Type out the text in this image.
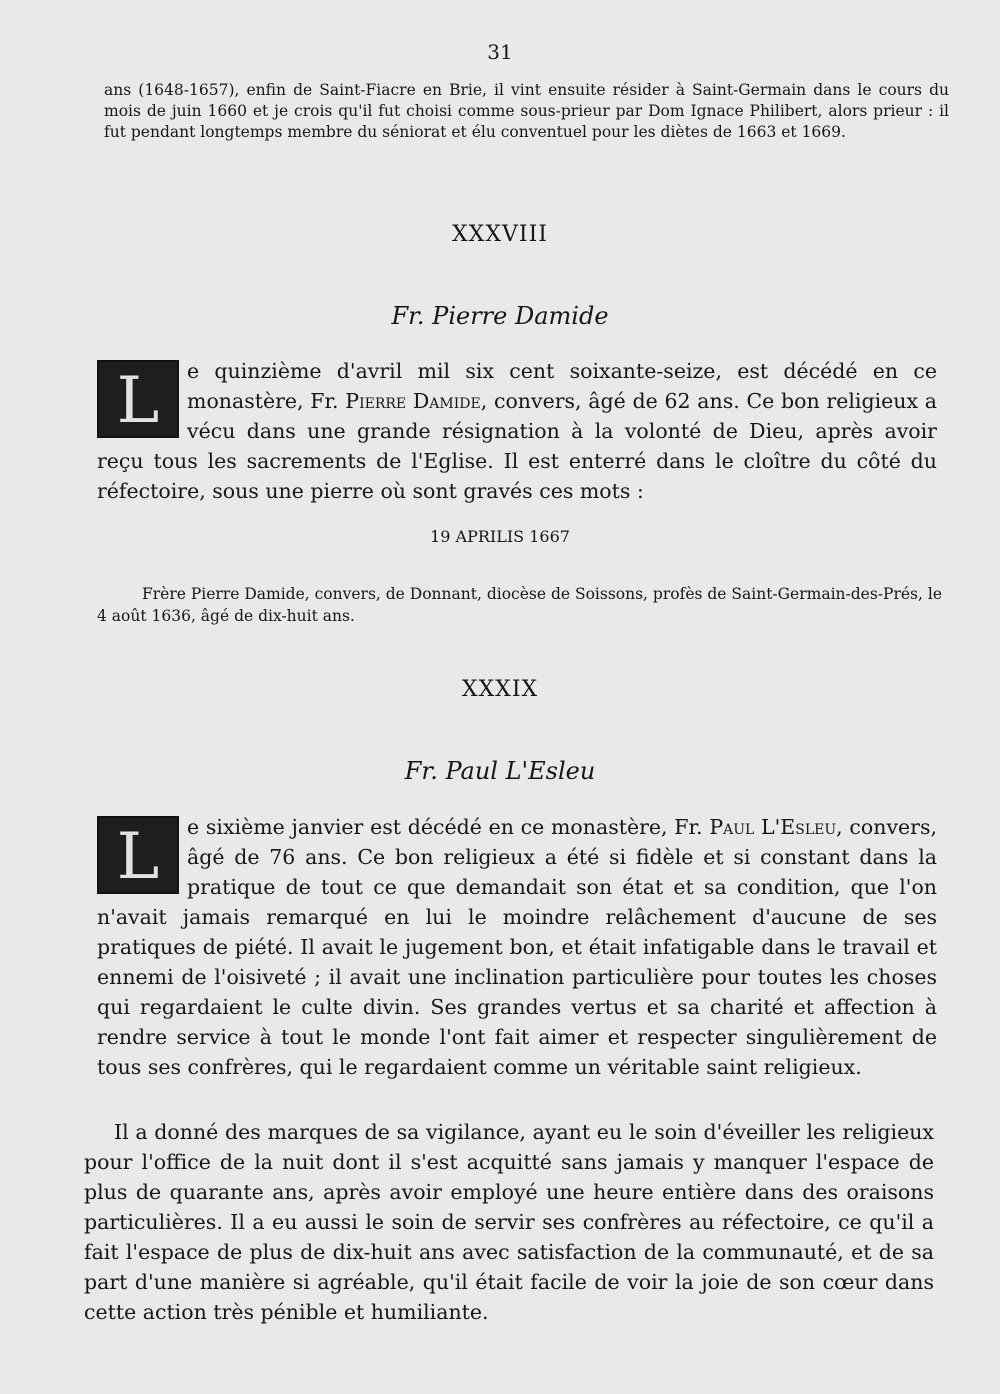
31
ans (1648-1657), enfin de Saint-Fiacre en Brie, il vint ensuite résider à Saint-Germain dans le cours du mois de juin 1660 et je crois qu'il fut choisi comme sous-prieur par Dom Ignace Philibert, alors prieur : il fut pendant longtemps membre du séniorat et élu conventuel pour les diètes de 1663 et 1669.
XXXVIII
Fr. Pierre Damide
L	e quinzième d'avril mil six cent soixante-seize, est décédé en ce monastère, Fr. Pierre Damide, convers, âgé de 62 ans. Ce bon religieux a vécu dans une grande résignation à la volonté de Dieu, après avoir reçu tous les sacrements de l'Eglise. Il est enterré dans le cloître du côté du réfectoire, sous une pierre où sont gravés ces mots :
19 APRILIS 1667
Frère Pierre Damide, convers, de Donnant, diocèse de Soissons, profès de Saint-Germain-des-Prés, le 4 août 1636, âgé de dix-huit ans.
XXXIX
Fr. Paul L'Esleu
L	e sixième janvier est décédé en ce monastère, Fr. Paul L'Esleu, convers, âgé de 76 ans. Ce bon religieux a été si fidèle et si constant dans la pratique de tout ce que demandait son état et sa condition, que l'on n'avait jamais remarqué en lui le moindre relâchement d'aucune de ses pratiques de piété. Il avait le jugement bon, et était infatigable dans le travail et ennemi de l'oisiveté ; il avait une inclination particulière pour toutes les choses qui regardaient le culte divin. Ses grandes vertus et sa charité et affection à rendre service à tout le monde l'ont fait aimer et respecter singulièrement de tous ses confrères, qui le regardaient comme un véritable saint religieux.
Il a donné des marques de sa vigilance, ayant eu le soin d'éveiller les religieux pour l'office de la nuit dont il s'est acquitté sans jamais y manquer l'espace de plus de quarante ans, après avoir employé une heure entière dans des oraisons particulières. Il a eu aussi le soin de servir ses confrères au réfectoire, ce qu'il a fait l'espace de plus de dix-huit ans avec satisfaction de la communauté, et de sa part d'une manière si agréable, qu'il était facile de voir la joie de son cœur dans cette action très pénible et humiliante.
